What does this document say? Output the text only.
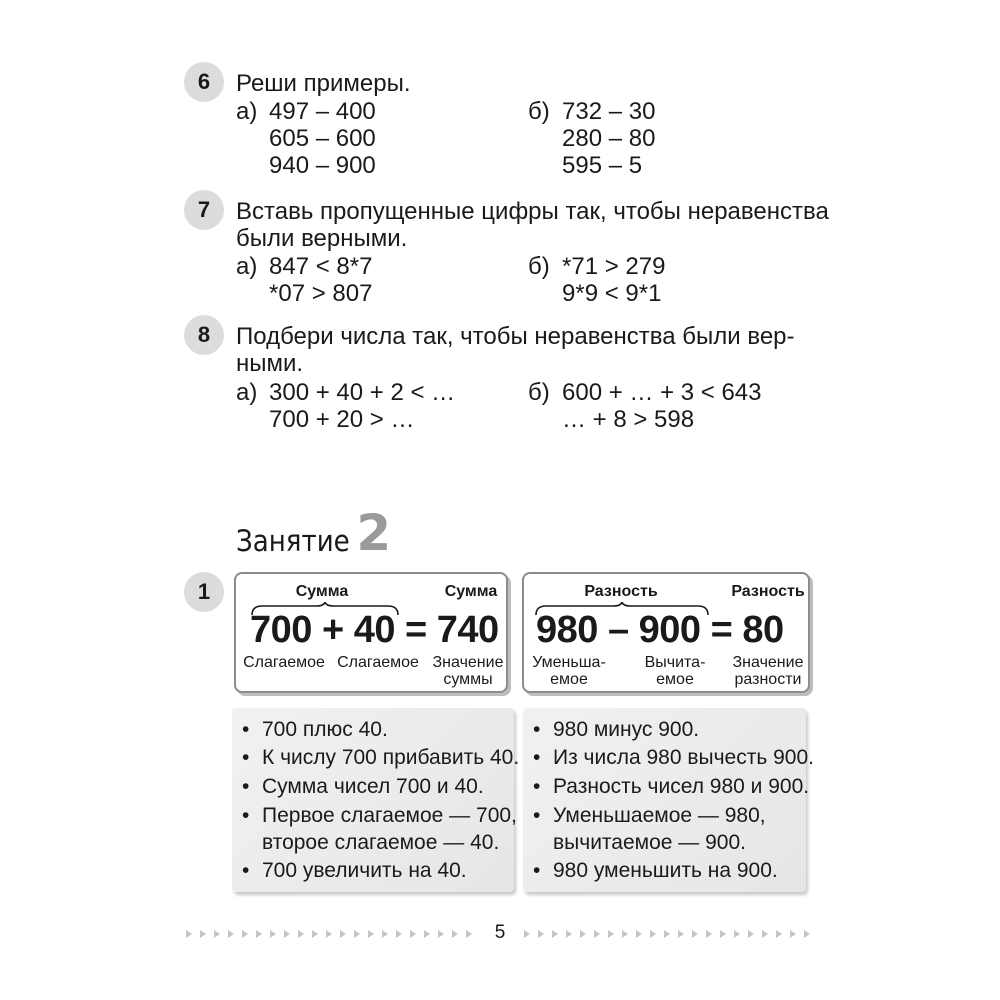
6 Реши примеры.
а) 497 – 400
605 – 600
940 – 900
б) 732 – 30
280 – 80
595 – 5
7 Вставь пропущенные цифры так, чтобы неравенства
были верными.
а) 847 < 8*7
*07 > 807
б) *71 > 279
9*9 < 9*1
8 Подбери числа так, чтобы неравенства были вер-
ными.
а) 300 + 40 + 2 < …
700 + 20 > …
б) 600 + … + 3 < 643
… + 8 > 598
Занятие 2
1	Сумма	Сумма
700 + 40 = 740
Слагаемое Слагаемое Значение
суммы
Разность	Разность
980 – 900 = 80
Уменьша-
емое
Вычита-
емое
Значение
разности
• 700 плюс 40.
• К числу 700 прибавить 40.
• Сумма чисел 700 и 40.
• Первое слагаемое — 700,
второе слагаемое — 40.
• 700 увеличить на 40.
• 980 минус 900.
• Из числа 980 вычесть 900.
• Разность чисел 980 и 900.
• Уменьшаемое — 980,
вычитаемое — 900.
• 980 уменьшить на 900.
5
